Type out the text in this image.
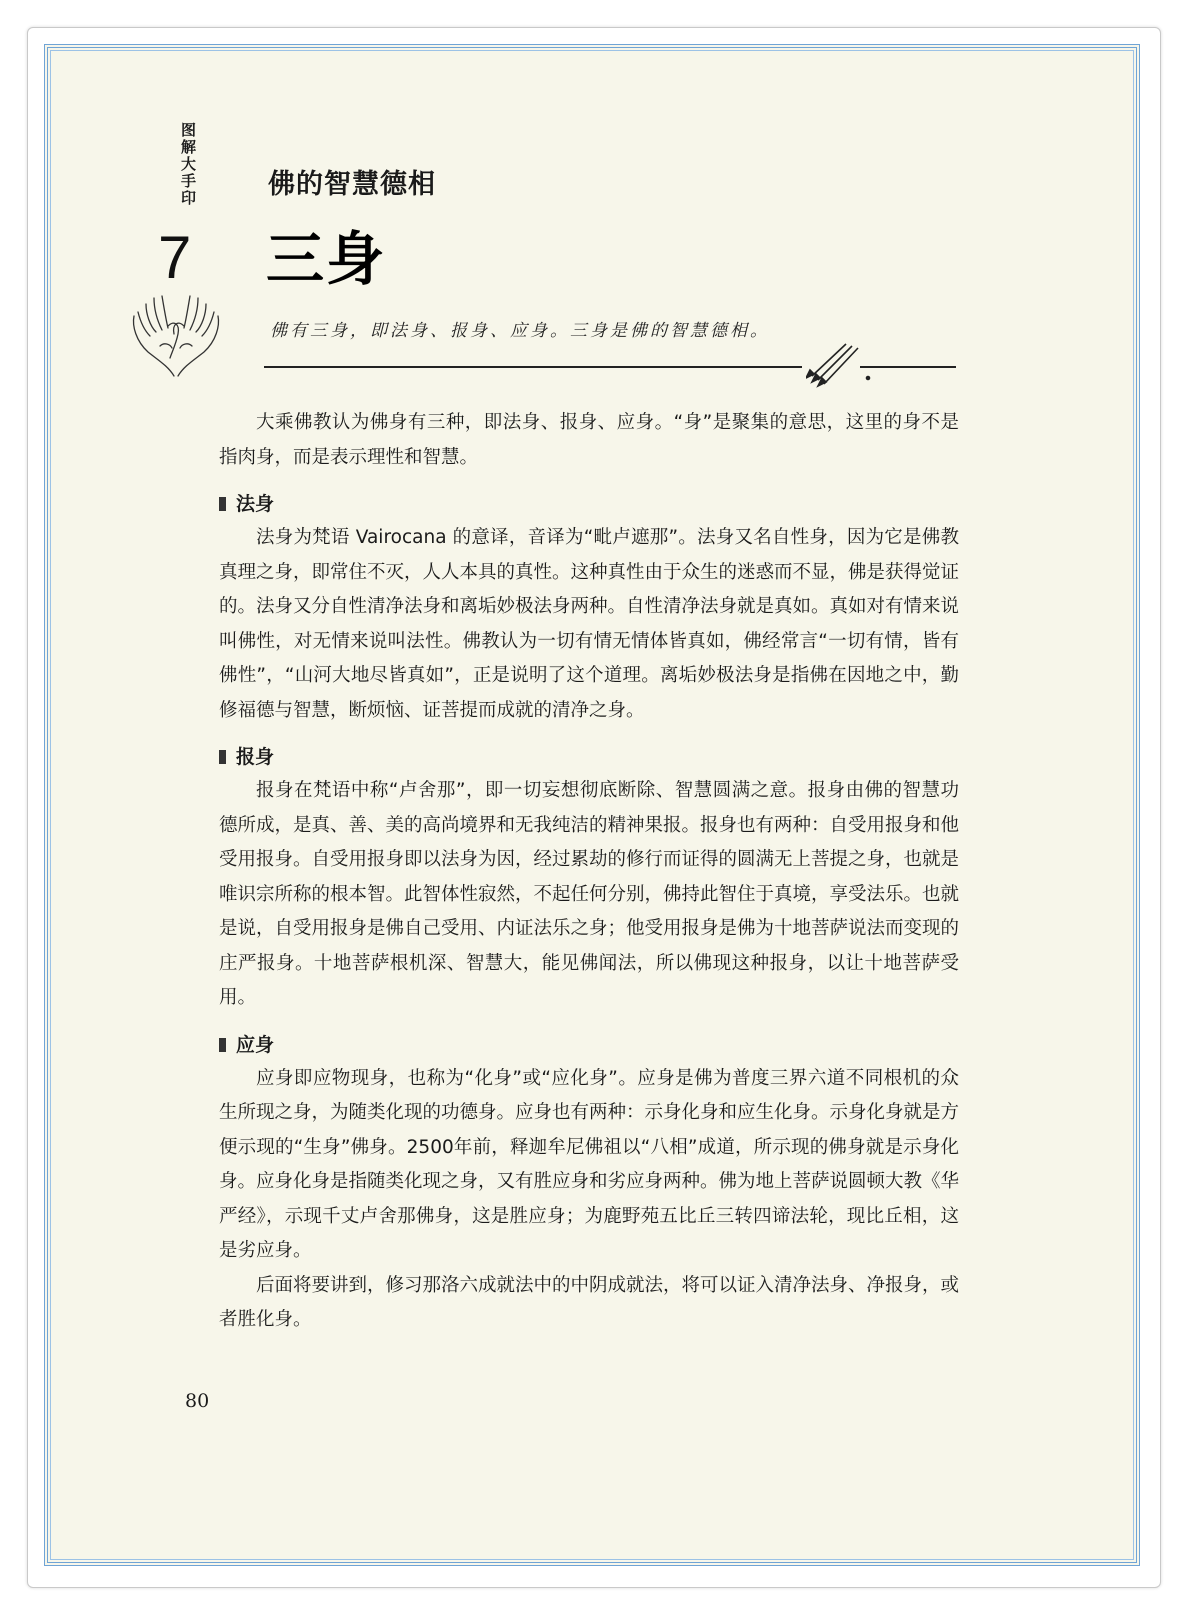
图解大手印
7
佛的智慧德相
三身
佛有三身，即法身、报身、应身。三身是佛的智慧德相。

大乘佛教认为佛身有三种，即法身、报身、应身。“身”是聚集的意思，这里的身不是指肉身，而是表示理性和智慧。

法身

法身为梵语 Vairocana 的意译，音译为“毗卢遮那”。法身又名自性身，因为它是佛教真理之身，即常住不灭，人人本具的真性。这种真性由于众生的迷惑而不显，佛是获得觉证的。法身又分自性清净法身和离垢妙极法身两种。自性清净法身就是真如。真如对有情来说叫佛性，对无情来说叫法性。佛教认为一切有情无情体皆真如，佛经常言“一切有情，皆有佛性”，“山河大地尽皆真如”，正是说明了这个道理。离垢妙极法身是指佛在因地之中，勤修福德与智慧，断烦恼、证菩提而成就的清净之身。

报身

报身在梵语中称“卢舍那”，即一切妄想彻底断除、智慧圆满之意。报身由佛的智慧功德所成，是真、善、美的高尚境界和无我纯洁的精神果报。报身也有两种：自受用报身和他受用报身。自受用报身即以法身为因，经过累劫的修行而证得的圆满无上菩提之身，也就是唯识宗所称的根本智。此智体性寂然，不起任何分别，佛持此智住于真境，享受法乐。也就是说，自受用报身是佛自己受用、内证法乐之身；他受用报身是佛为十地菩萨说法而变现的庄严报身。十地菩萨根机深、智慧大，能见佛闻法，所以佛现这种报身，以让十地菩萨受用。

应身

应身即应物现身，也称为“化身”或“应化身”。应身是佛为普度三界六道不同根机的众生所现之身，为随类化现的功德身。应身也有两种：示身化身和应生化身。示身化身就是方便示现的“生身”佛身。2500年前，释迦牟尼佛祖以“八相”成道，所示现的佛身就是示身化身。应身化身是指随类化现之身，又有胜应身和劣应身两种。佛为地上菩萨说圆顿大教《华严经》，示现千丈卢舍那佛身，这是胜应身；为鹿野苑五比丘三转四谛法轮，现比丘相，这是劣应身。

后面将要讲到，修习那洛六成就法中的中阴成就法，将可以证入清净法身、净报身，或者胜化身。

80
